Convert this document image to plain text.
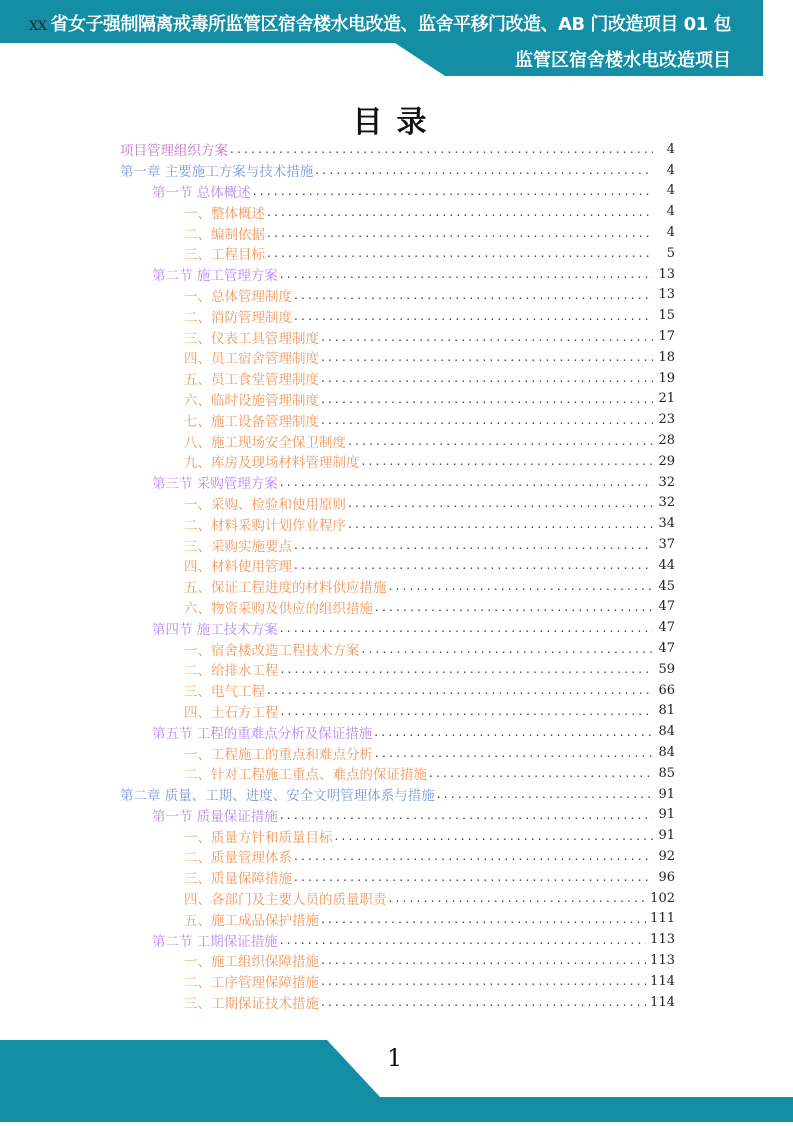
XX 省女子强制隔离戒毒所监管区宿舍楼水电改造、监舍平移门改造、AB 门改造项目 01 包
监管区宿舍楼水电改造项目
目录
项目管理组织方案 .....	4
第一章 主要施工方案与技术措施 .....	4
第一节 总体概述 .....	4
一、整体概述 .....	4
二、编制依据 .....	4
三、工程目标 .....	5
第二节 施工管理方案 .....	13
一、总体管理制度 .....	13
二、消防管理制度 .....	15
三、仪表工具管理制度 .....	17
四、员工宿舍管理制度 .....	18
五、员工食堂管理制度 .....	19
六、临时设施管理制度 .....	21
七、施工设备管理制度 .....	23
八、施工现场安全保卫制度 .....	28
九、库房及现场材料管理制度 .....	29
第三节 采购管理方案 .....	32
一、采购、检验和使用原则 .....	32
二、材料采购计划作业程序 .....	34
三、采购实施要点 .....	37
四、材料使用管理 .....	44
五、保证工程进度的材料供应措施 .....	45
六、物资采购及供应的组织措施 .....	47
第四节 施工技术方案 .....	47
一、宿舍楼改造工程技术方案 .....	47
二、给排水工程 .....	59
三、电气工程 .....	66
四、土石方工程 .....	81
第五节 工程的重难点分析及保证措施 .....	84
一、工程施工的重点和难点分析 .....	84
二、针对工程施工重点、难点的保证措施 .....	85
第二章 质量、工期、进度、安全文明管理体系与措施 .....	91
第一节 质量保证措施 .....	91
一、质量方针和质量目标 .....	91
二、质量管理体系 .....	92
三、质量保障措施 .....	96
四、各部门及主要人员的质量职责 .....	102
五、施工成品保护措施 .....	111
第二节 工期保证措施 .....	113
一、施工组织保障措施 .....	113
二、工序管理保障措施 .....	114
三、工期保证技术措施 .....	114
1
